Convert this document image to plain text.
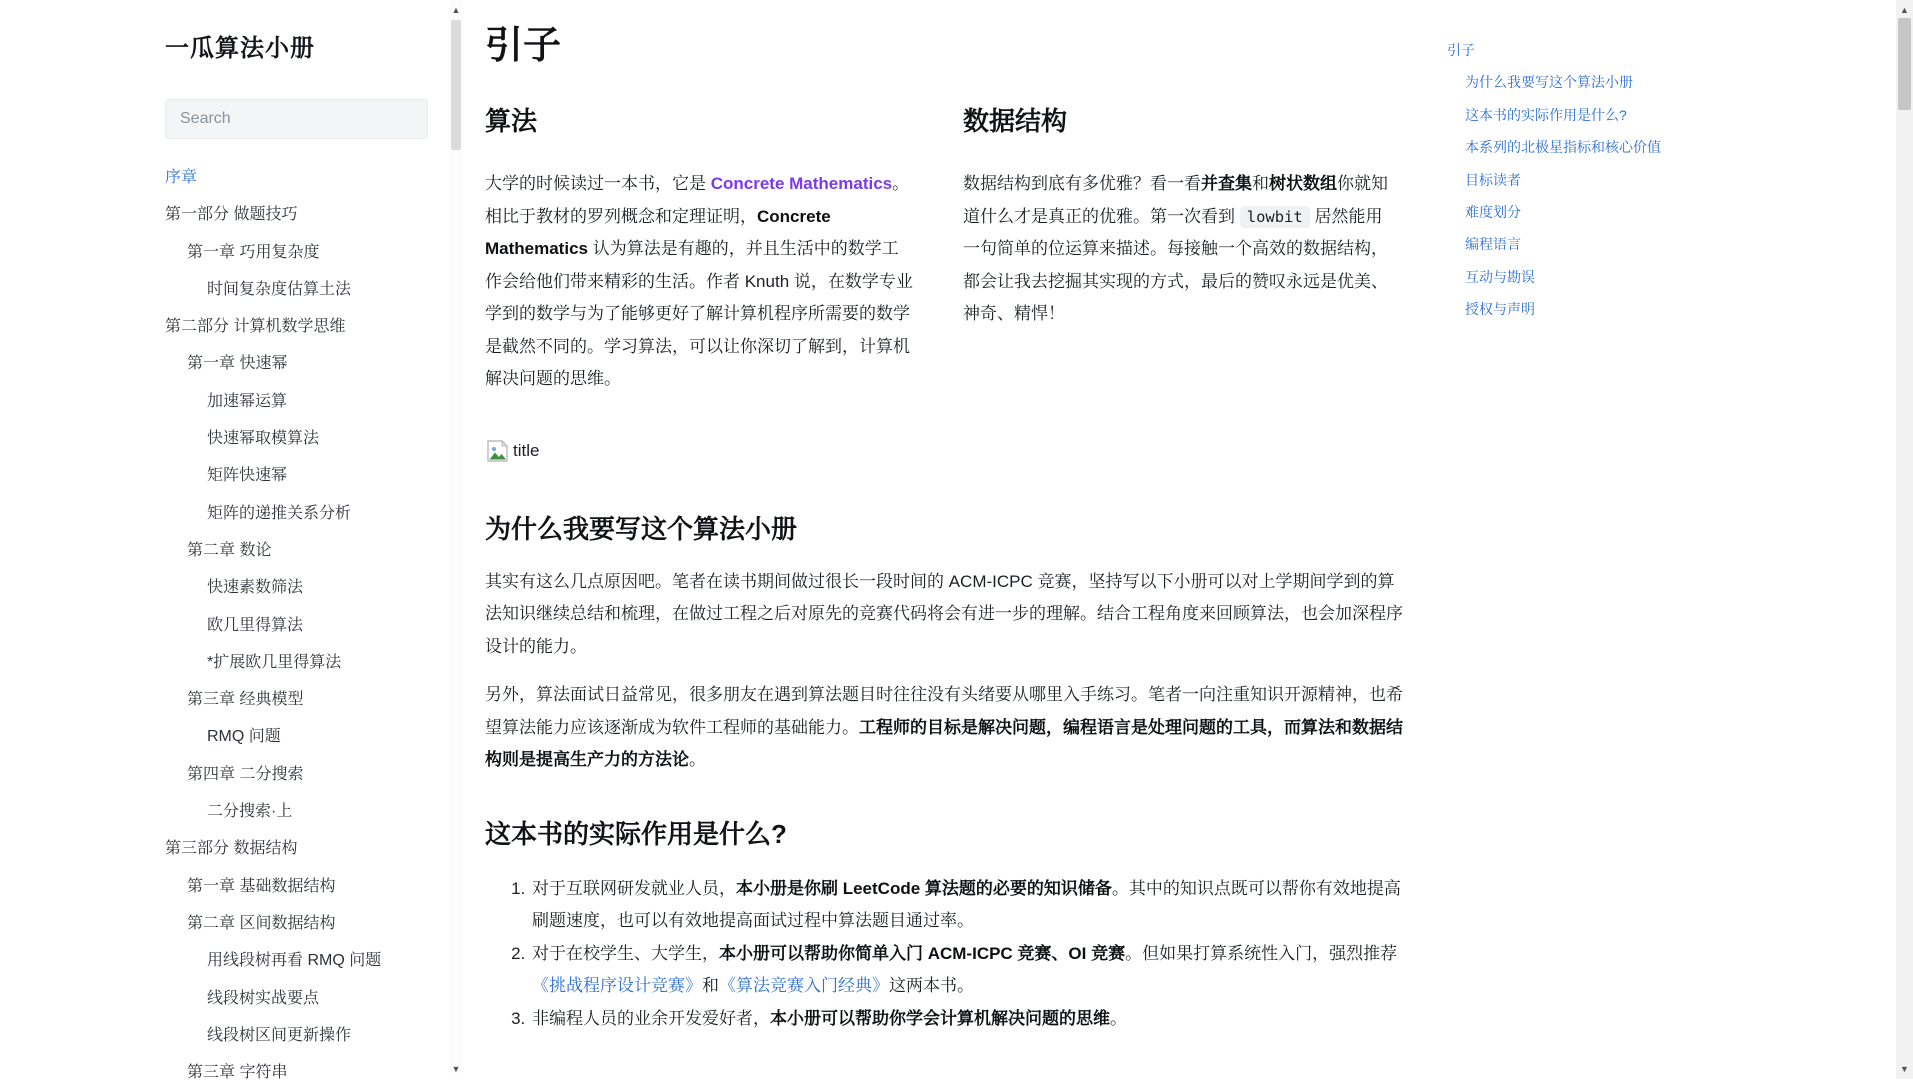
一瓜算法小册
Search
序章
第一部分 做题技巧
第一章 巧用复杂度
时间复杂度估算土法
第二部分 计算机数学思维
第一章 快速幂
加速幂运算
快速幂取模算法
矩阵快速幂
矩阵的递推关系分析
第二章 数论
快速素数筛法
欧几里得算法
*扩展欧几里得算法
第三章 经典模型
RMQ 问题
第四章 二分搜索
二分搜索·上
第三部分 数据结构
第一章 基础数据结构
第二章 区间数据结构
用线段树再看 RMQ 问题
线段树实战要点
线段树区间更新操作
第三章 字符串
▲
▼
引子
算法

大学的时候读过一本书，它是 Concrete Mathematics。相比于教材的罗列概念和定理证明，Concrete Mathematics 认为算法是有趣的，并且生活中的数学工作会给他们带来精彩的生活。作者 Knuth 说，在数学专业学到的数学与为了能够更好了解计算机程序所需要的数学是截然不同的。学习算法，可以让你深切了解到，计算机解决问题的思维。

数据结构

数据结构到底有多优雅？看一看并查集和树状数组你就知道什么才是真正的优雅。第一次看到 lowbit 居然能用一句简单的位运算来描述。每接触一个高效的数据结构，都会让我去挖掘其实现的方式，最后的赞叹永远是优美、神奇、精悍！

title
为什么我要写这个算法小册

其实有这么几点原因吧。笔者在读书期间做过很长一段时间的 ACM-ICPC 竞赛，坚持写以下小册可以对上学期间学到的算法知识继续总结和梳理，在做过工程之后对原先的竞赛代码将会有进一步的理解。结合工程角度来回顾算法，也会加深程序设计的能力。

另外，算法面试日益常见，很多朋友在遇到算法题目时往往没有头绪要从哪里入手练习。笔者一向注重知识开源精神，也希望算法能力应该逐渐成为软件工程师的基础能力。工程师的目标是解决问题，编程语言是处理问题的工具，而算法和数据结构则是提高生产力的方法论。

这本书的实际作用是什么?
1. 对于互联网研发就业人员，本小册是你刷 LeetCode 算法题的必要的知识储备。其中的知识点既可以帮你有效地提高刷题速度，也可以有效地提高面试过程中算法题目通过率。
2. 对于在校学生、大学生，本小册可以帮助你简单入门 ACM-ICPC 竞赛、OI 竞赛。但如果打算系统性入门，强烈推荐《挑战程序设计竞赛》和《算法竞赛入门经典》这两本书。
3. 非编程人员的业余开发爱好者，本小册可以帮助你学会计算机解决问题的思维。
引子
为什么我要写这个算法小册
这本书的实际作用是什么?
本系列的北极星指标和核心价值
目标读者
难度划分
编程语言
互动与勘误
授权与声明
▲
▼
